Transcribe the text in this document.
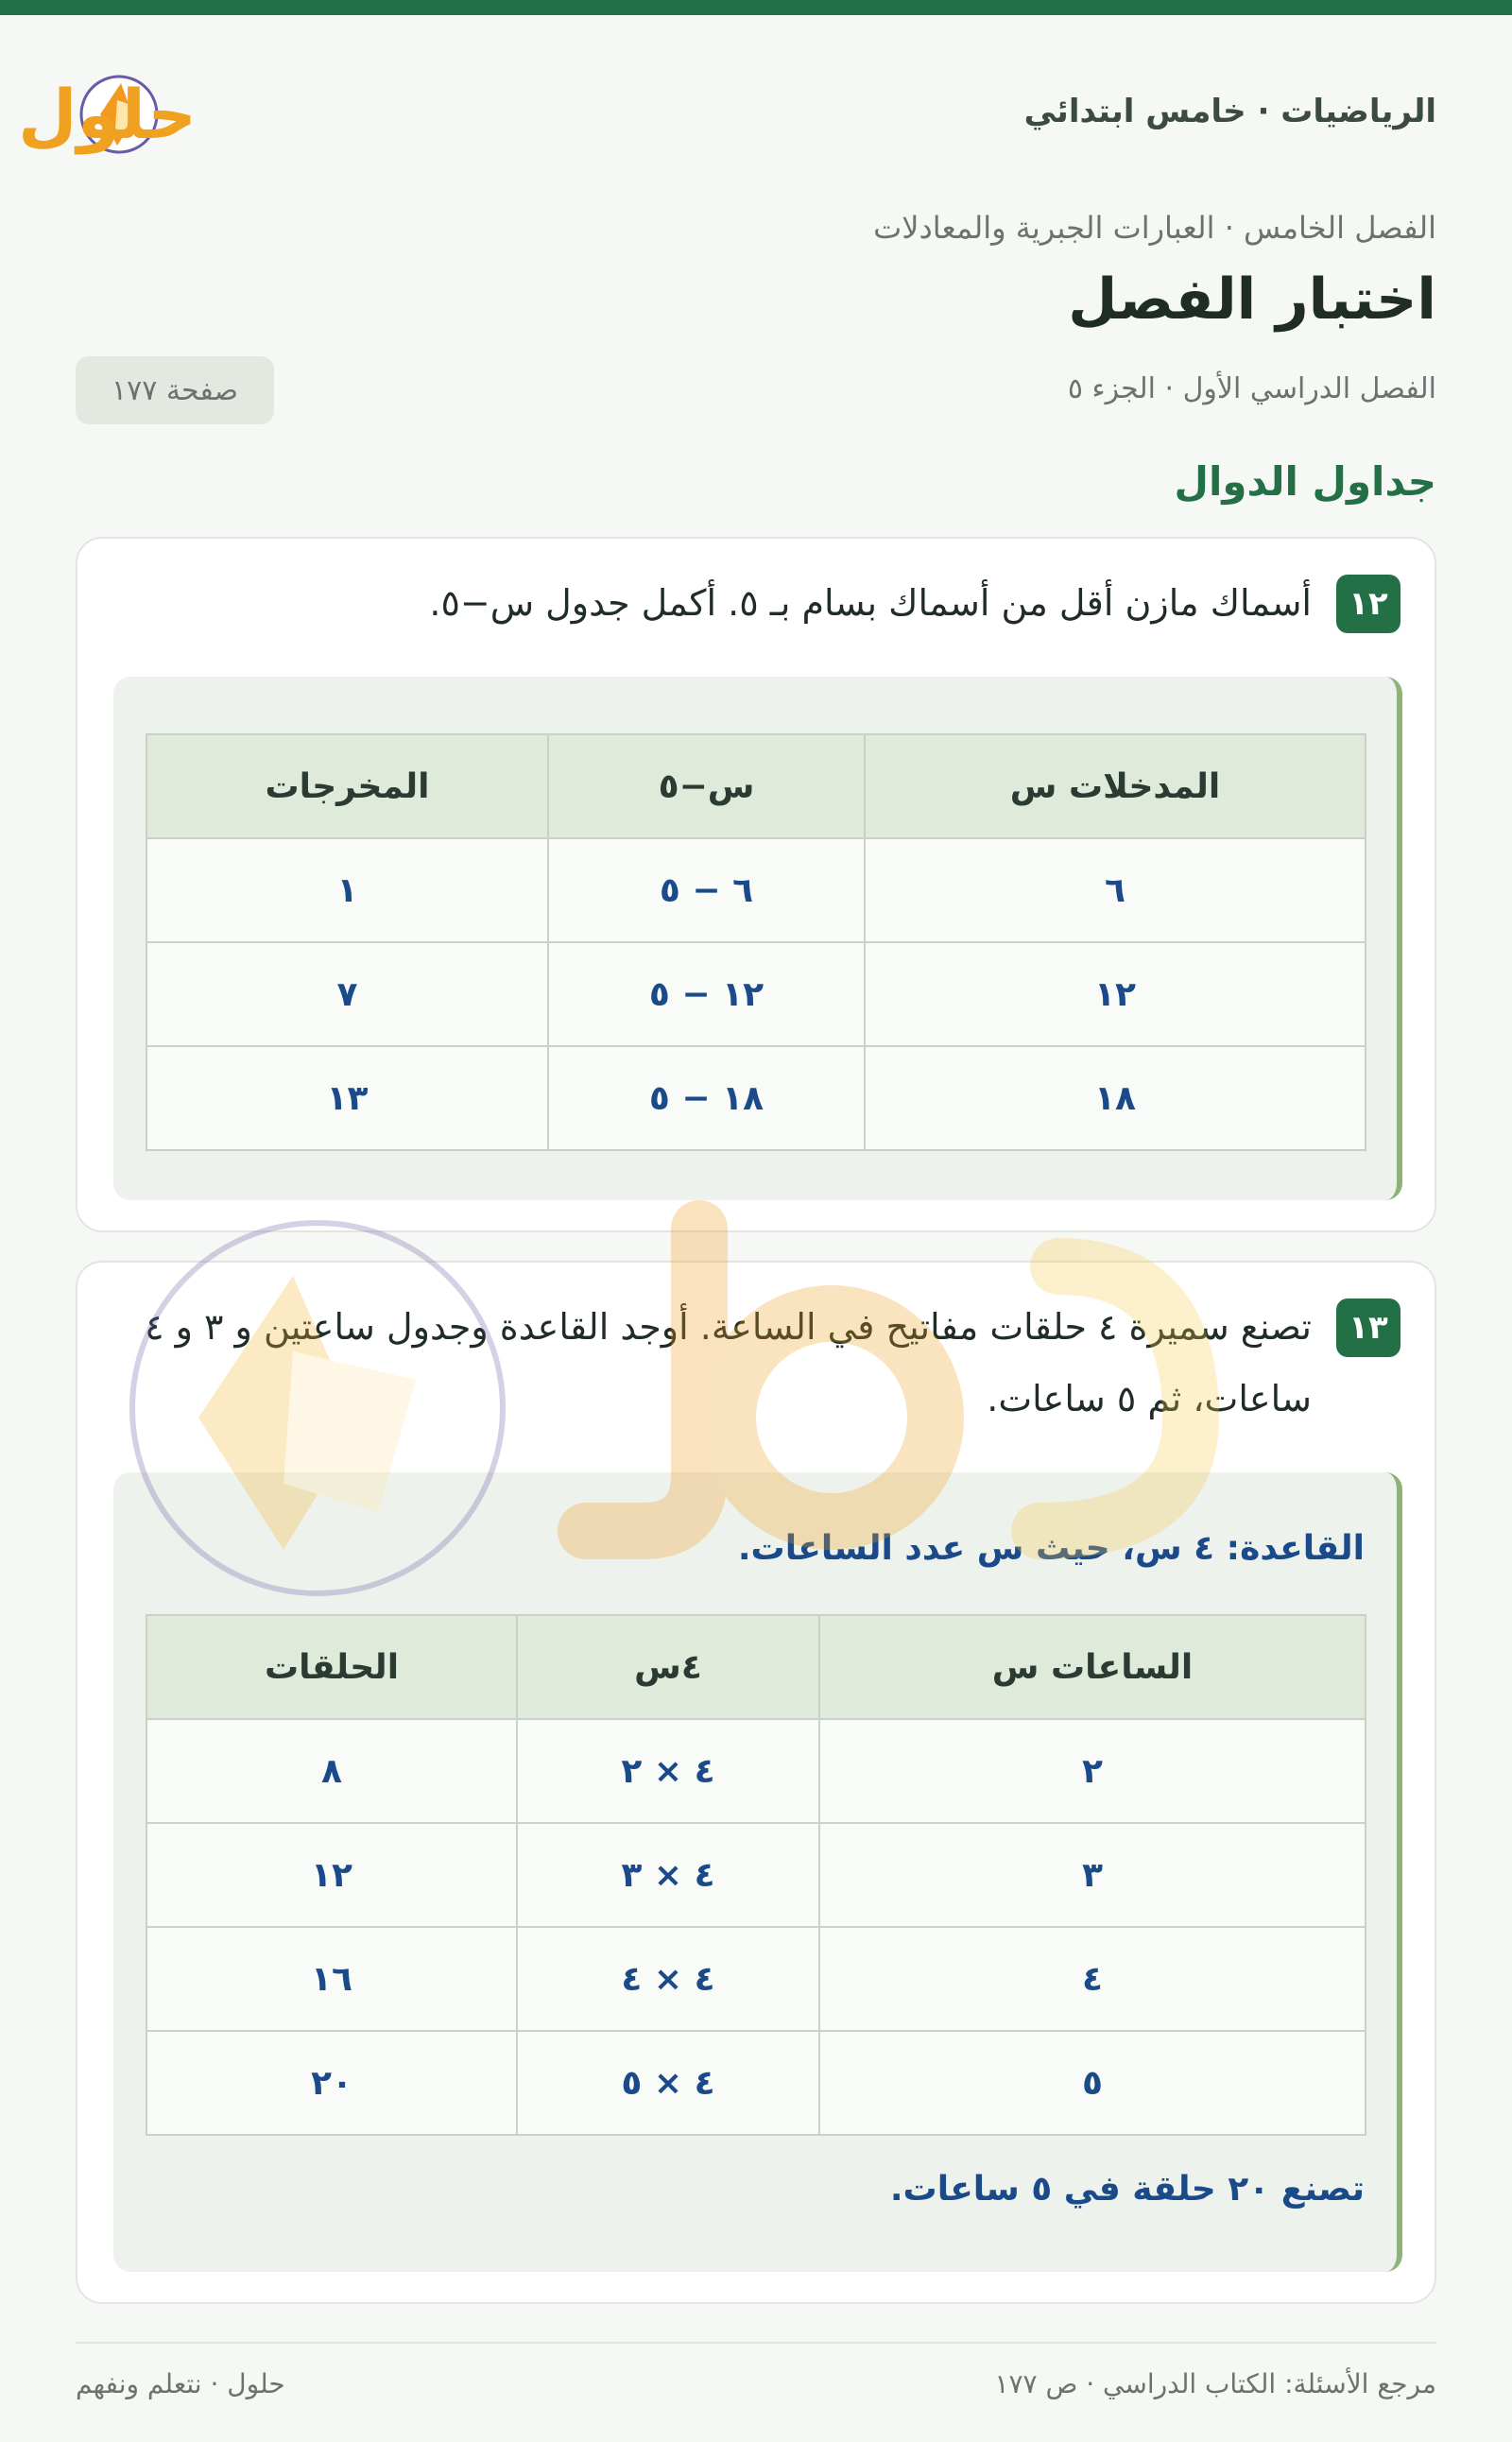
الرياضيات · خامس ابتدائي
حلول
الفصل الخامس · العبارات الجبرية والمعادلات
اختبار الفصل
الفصل الدراسي الأول · الجزء ٥
صفحة ١٧٧
جداول الدوال
١٢

أسماك مازن أقل من أسماك بسام بـ ٥. أكمل جدول س−٥.

المدخلات س	س−٥	المخرجات
٦	٦ − ٥	١
١٢	١٢ − ٥	٧
١٨	١٨ − ٥	١٣
١٣

تصنع سميرة ٤ حلقات مفاتيح في الساعة. أوجد القاعدة وجدول ساعتين و ٣ و ٤ ساعات، ثم ٥ ساعات.

القاعدة: ٤ س، حيث س عدد الساعات.

الساعات س	٤س	الحلقات
٢	٤ × ٢	٨
٣	٤ × ٣	١٢
٤	٤ × ٤	١٦
٥	٤ × ٥	٢٠

تصنع ٢٠ حلقة في ٥ ساعات.

مرجع الأسئلة: الكتاب الدراسي · ص ١٧٧
حلول · نتعلم ونفهم
